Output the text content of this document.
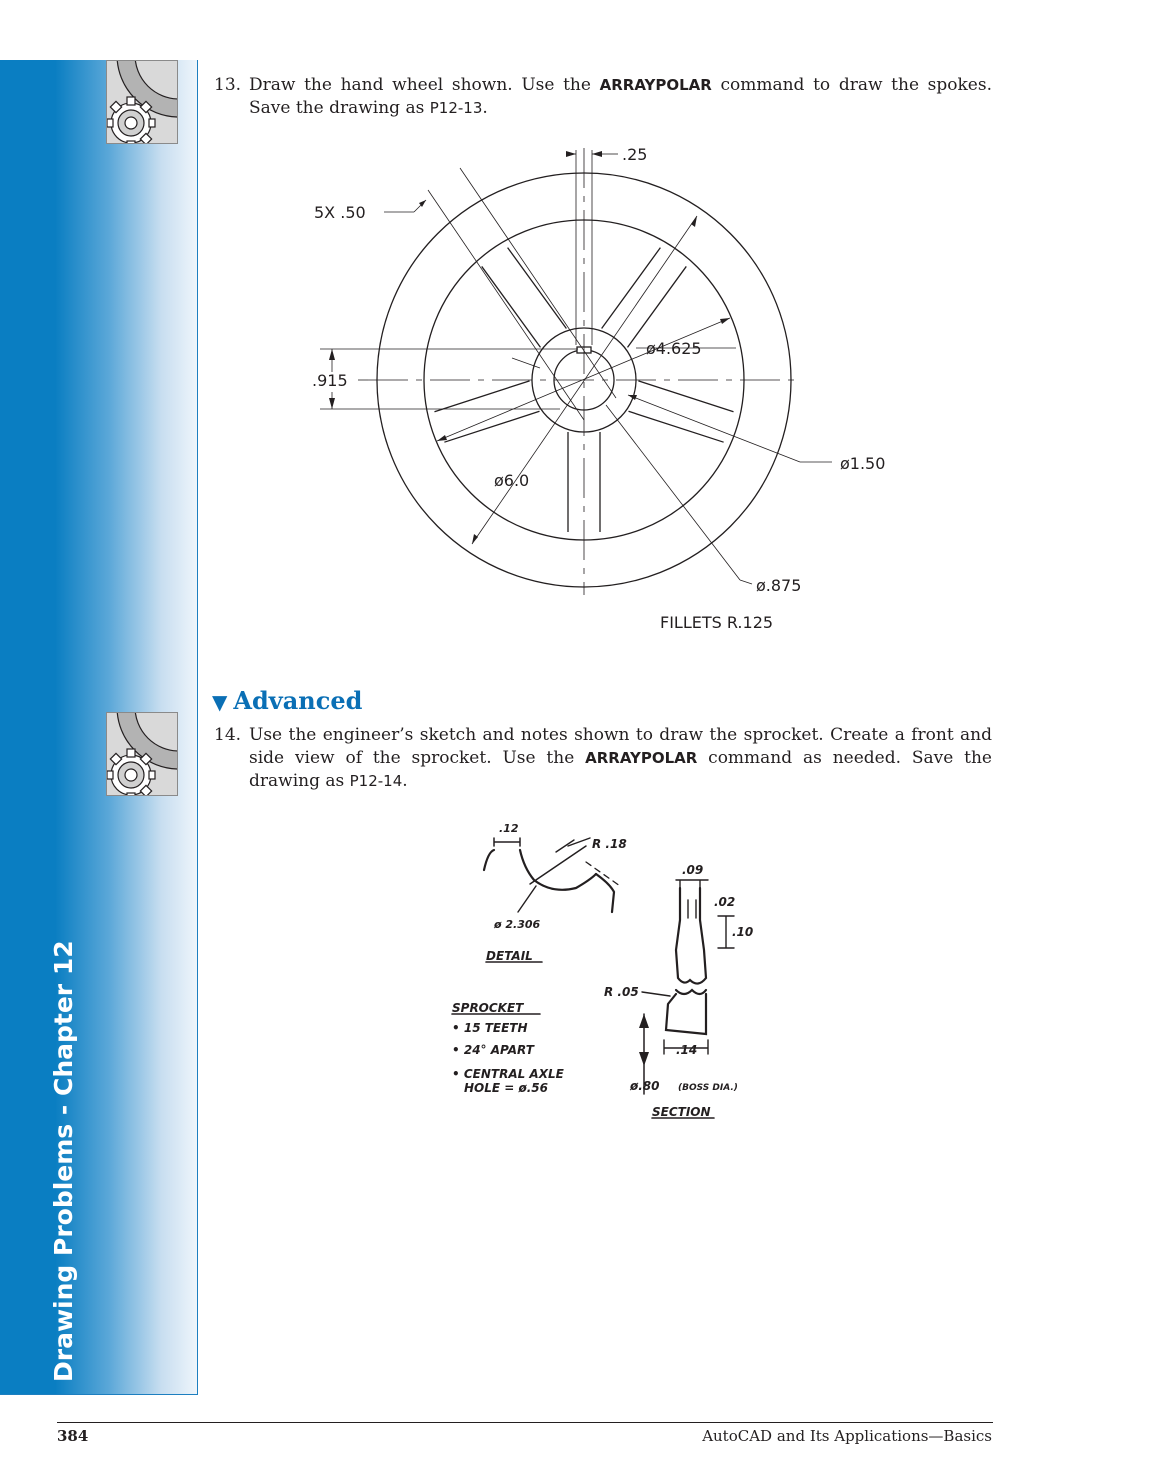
Drawing Problems - Chapter 12
13. Draw the hand wheel shown. Use the ARRAYPOLAR command to draw the spokes. Save the drawing as P12-13.
.25
5X .50
ø4.625
.915
ø1.50
ø6.0
ø.875
FILLETS R.125
▼ Advanced
14. Use the engineer’s sketch and notes shown to draw the sprocket. Create a front and side view of the sprocket. Use the ARRAYPOLAR command as needed. Save the drawing as P12-14.
.12
R .18
ø 2.306
DETAIL
.09
.02
.10
R .05
.14
SPROCKET
• 15 TEETH
• 24° APART
• CENTRAL AXLE
HOLE = ø.56	ø.80 (BOSS DIA.)
SECTION
384	AutoCAD and Its Applications—Basics
